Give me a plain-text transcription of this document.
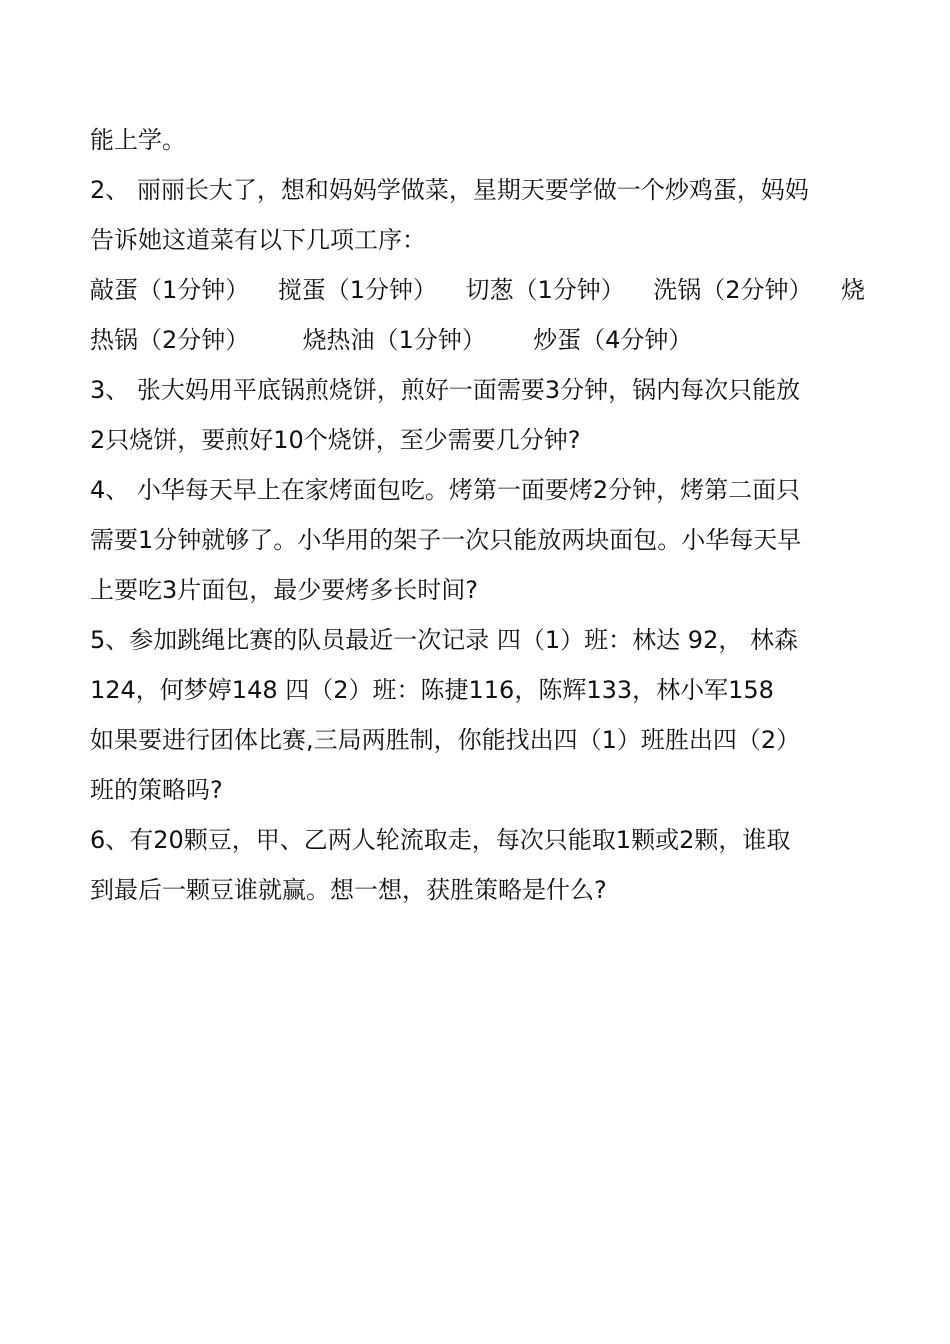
能上学。
2、 丽丽长大了，想和妈妈学做菜，星期天要学做一个炒鸡蛋，妈妈
告诉她这道菜有以下几项工序：
敲蛋（1分钟） 搅蛋（1分钟） 切葱（1分钟） 洗锅（2分钟） 烧
热锅（2分钟） 烧热油（1分钟） 炒蛋（4分钟）
3、 张大妈用平底锅煎烧饼，煎好一面需要3分钟，锅内每次只能放
2只烧饼，要煎好10个烧饼，至少需要几分钟?
4、 小华每天早上在家烤面包吃。烤第一面要烤2分钟，烤第二面只
需要1分钟就够了。小华用的架子一次只能放两块面包。小华每天早
上要吃3片面包，最少要烤多长时间?
5、参加跳绳比赛的队员最近一次记录 四（1）班：林达 92， 林森
124，何梦婷148 四（2）班：陈捷116，陈辉133，林小军158
如果要进行团体比赛,三局两胜制，你能找出四（1）班胜出四（2）
班的策略吗?
6、有20颗豆，甲、乙两人轮流取走，每次只能取1颗或2颗，谁取
到最后一颗豆谁就赢。想一想，获胜策略是什么?
